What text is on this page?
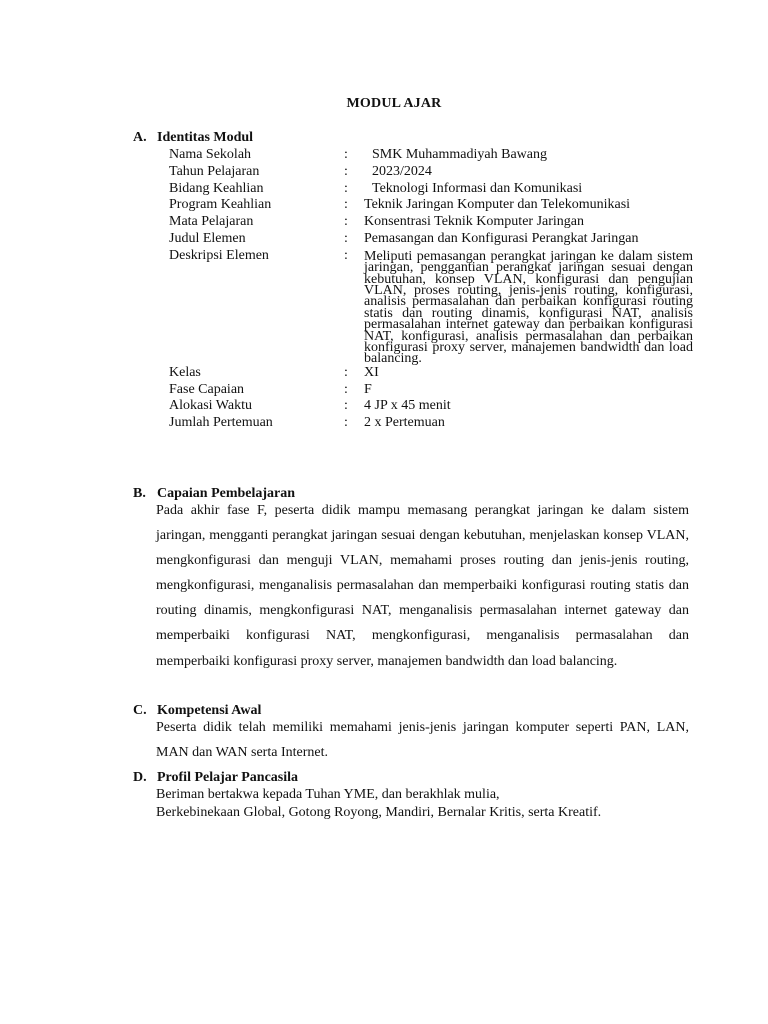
MODUL AJAR
A. Identitas Modul
Nama Sekolah	:	SMK Muhammadiyah Bawang
Tahun Pelajaran	:	2023/2024
Bidang Keahlian	:	Teknologi Informasi dan Komunikasi
Program Keahlian	:	Teknik Jaringan Komputer dan Telekomunikasi
Mata Pelajaran	:	Konsentrasi Teknik Komputer Jaringan
Judul Elemen	:	Pemasangan dan Konfigurasi Perangkat Jaringan
Deskripsi Elemen	:	Meliputi pemasangan perangkat jaringan ke dalam sistem jaringan, penggantian perangkat jaringan sesuai dengan kebutuhan, konsep VLAN, konfigurasi dan pengujian VLAN, proses routing, jenis-jenis routing, konfigurasi, analisis permasalahan dan perbaikan konfigurasi routing statis dan routing dinamis, konfigurasi NAT, analisis permasalahan internet gateway dan perbaikan konfigurasi NAT, konfigurasi, analisis permasalahan dan perbaikan konfigurasi proxy server, manajemen bandwidth dan load balancing.
Kelas	:	XI
Fase Capaian	:	F
Alokasi Waktu	:	4 JP x 45 menit
Jumlah Pertemuan	:	2 x Pertemuan
B. Capaian Pembelajaran
Pada akhir fase F, peserta didik mampu memasang perangkat jaringan ke dalam sistem jaringan, mengganti perangkat jaringan sesuai dengan kebutuhan, menjelaskan konsep VLAN, mengkonfigurasi dan menguji VLAN, memahami proses routing dan jenis-jenis routing, mengkonfigurasi, menganalisis permasalahan dan memperbaiki konfigurasi routing statis dan routing dinamis, mengkonfigurasi NAT, menganalisis permasalahan internet gateway dan memperbaiki konfigurasi NAT, mengkonfigurasi, menganalisis permasalahan dan memperbaiki konfigurasi proxy server, manajemen bandwidth dan load balancing.
C. Kompetensi Awal
Peserta didik telah memiliki memahami jenis-jenis jaringan komputer seperti PAN, LAN, MAN dan WAN serta Internet.
D. Profil Pelajar Pancasila
Beriman bertakwa kepada Tuhan YME, dan berakhlak mulia,
Berkebinekaan Global, Gotong Royong, Mandiri, Bernalar Kritis, serta Kreatif.
